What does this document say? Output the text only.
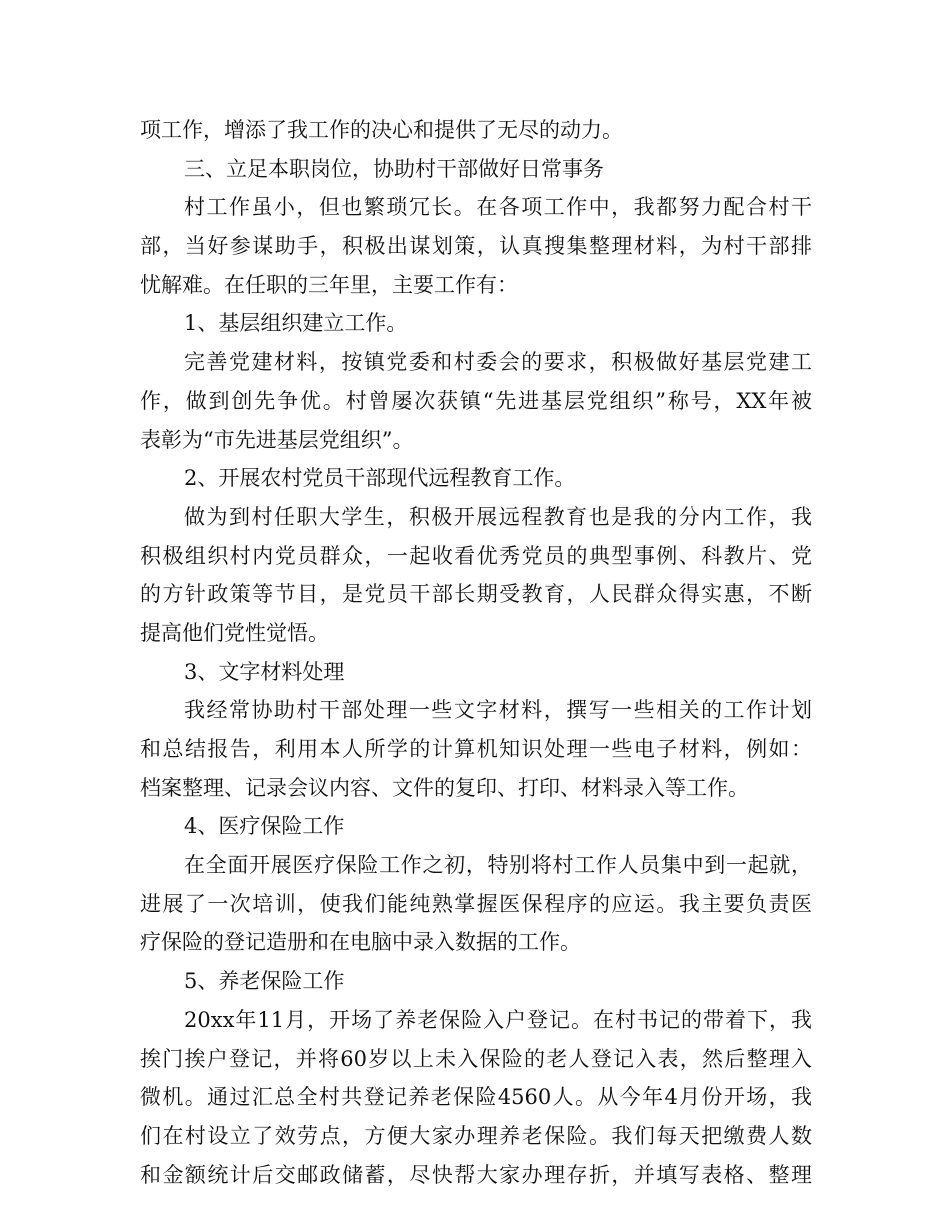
项工作，增添了我工作的决心和提供了无尽的动力。
三、立足本职岗位，协助村干部做好日常事务
村工作虽小，但也繁琐冗长。在各项工作中，我都努力配合村干
部，当好参谋助手，积极出谋划策，认真搜集整理材料，为村干部排
忧解难。在任职的三年里，主要工作有：
1、基层组织建立工作。
完善党建材料，按镇党委和村委会的要求，积极做好基层党建工
作，做到创先争优。村曾屡次获镇“先进基层党组织”称号，XX年被
表彰为“市先进基层党组织”。
2、开展农村党员干部现代远程教育工作。
做为到村任职大学生，积极开展远程教育也是我的分内工作，我
积极组织村内党员群众，一起收看优秀党员的典型事例、科教片、党
的方针政策等节目，是党员干部长期受教育，人民群众得实惠，不断
提高他们党性觉悟。
3、文字材料处理
我经常协助村干部处理一些文字材料，撰写一些相关的工作计划
和总结报告，利用本人所学的计算机知识处理一些电子材料，例如：
档案整理、记录会议内容、文件的复印、打印、材料录入等工作。
4、医疗保险工作
在全面开展医疗保险工作之初，特别将村工作人员集中到一起就，
进展了一次培训，使我们能纯熟掌握医保程序的应运。我主要负责医
疗保险的登记造册和在电脑中录入数据的工作。
5、养老保险工作
20xx年11月，开场了养老保险入户登记。在村书记的带着下，我
挨门挨户登记，并将60岁以上未入保险的老人登记入表，然后整理入
微机。通过汇总全村共登记养老保险4560人。从今年4月份开场，我
们在村设立了效劳点，方便大家办理养老保险。我们每天把缴费人数
和金额统计后交邮政储蓄，尽快帮大家办理存折，并填写表格、整理
